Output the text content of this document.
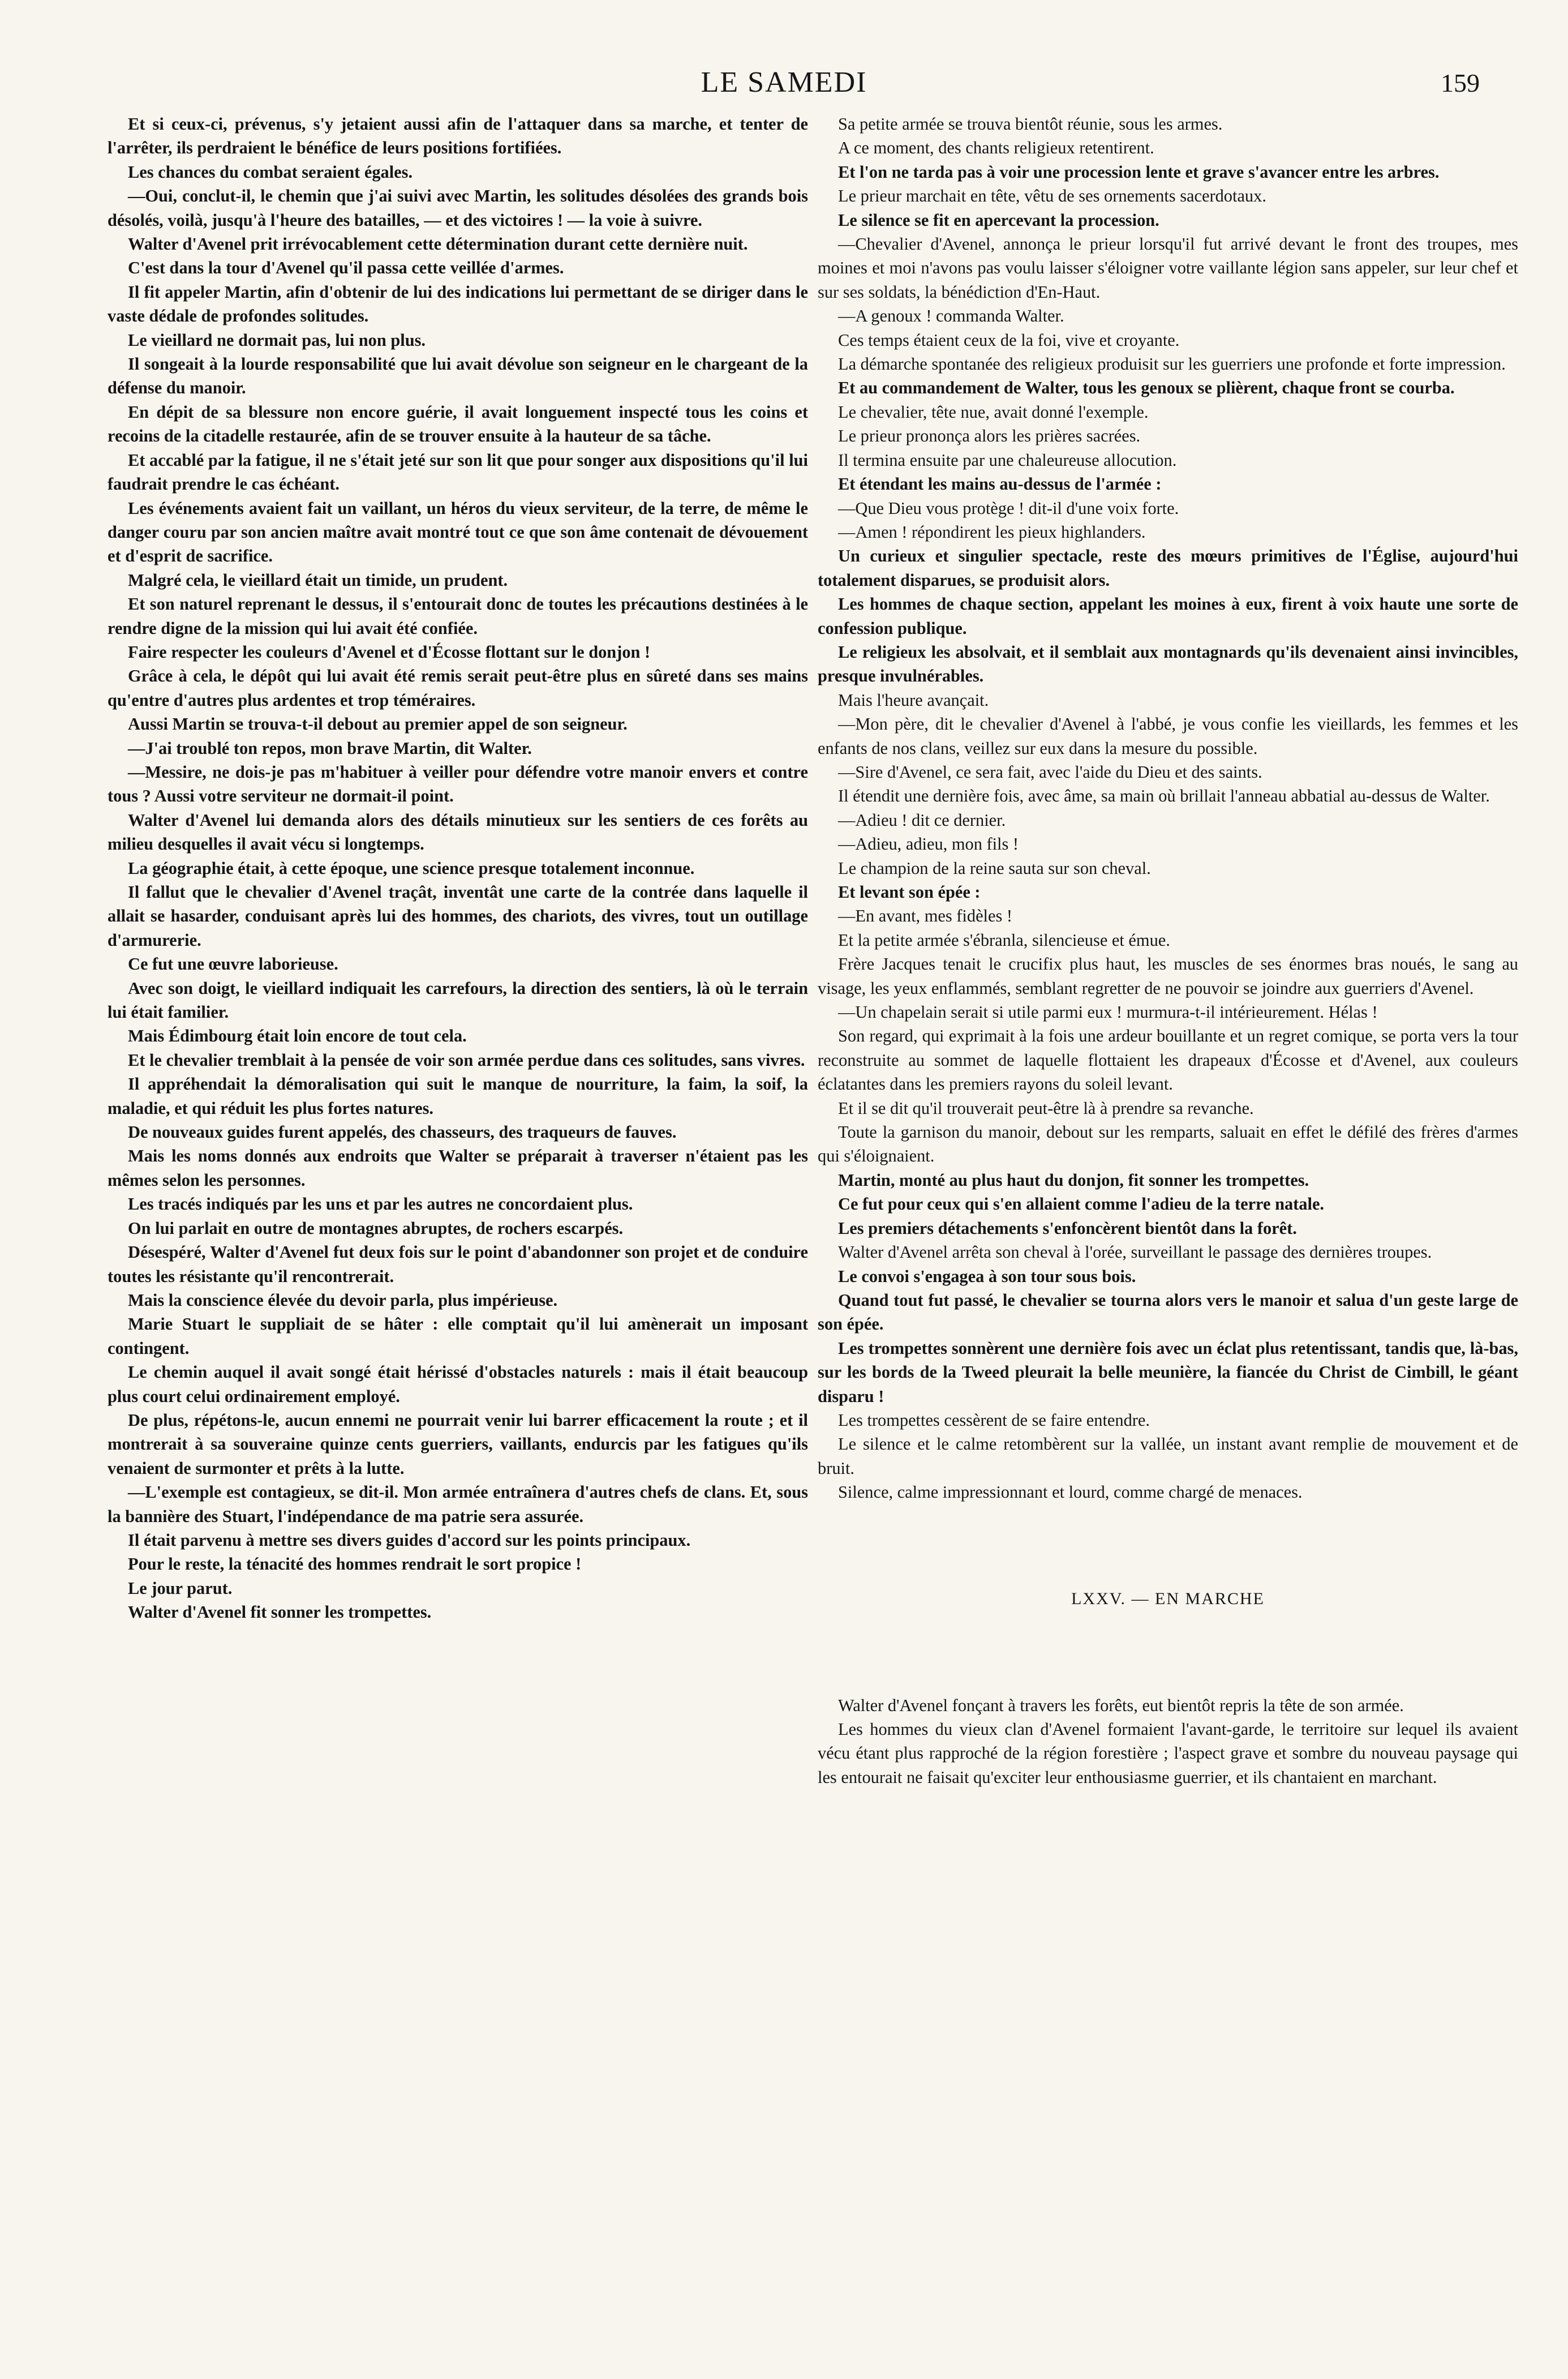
LE SAMEDI	159

Et si ceux-ci, prévenus, s'y jetaient aussi afin de l'attaquer dans sa marche, et tenter de l'arrêter, ils perdraient le bénéfice de leurs positions fortifiées.

Les chances du combat seraient égales.

—Oui, conclut-il, le chemin que j'ai suivi avec Martin, les solitudes désolées des grands bois désolés, voilà, jusqu'à l'heure des batailles, — et des victoires ! — la voie à suivre.

Walter d'Avenel prit irrévocablement cette détermination durant cette dernière nuit.

C'est dans la tour d'Avenel qu'il passa cette veillée d'armes.

Il fit appeler Martin, afin d'obtenir de lui des indications lui permettant de se diriger dans le vaste dédale de profondes solitudes.

Le vieillard ne dormait pas, lui non plus.

Il songeait à la lourde responsabilité que lui avait dévolue son seigneur en le chargeant de la défense du manoir.

En dépit de sa blessure non encore guérie, il avait longuement inspecté tous les coins et recoins de la citadelle restaurée, afin de se trouver ensuite à la hauteur de sa tâche.

Et accablé par la fatigue, il ne s'était jeté sur son lit que pour songer aux dispositions qu'il lui faudrait prendre le cas échéant.

Les événements avaient fait un vaillant, un héros du vieux serviteur, de la terre, de même le danger couru par son ancien maître avait montré tout ce que son âme contenait de dévouement et d'esprit de sacrifice.

Malgré cela, le vieillard était un timide, un prudent.

Et son naturel reprenant le dessus, il s'entourait donc de toutes les précautions destinées à le rendre digne de la mission qui lui avait été confiée.

Faire respecter les couleurs d'Avenel et d'Écosse flottant sur le donjon !

Grâce à cela, le dépôt qui lui avait été remis serait peut-être plus en sûreté dans ses mains qu'entre d'autres plus ardentes et trop téméraires.

Aussi Martin se trouva-t-il debout au premier appel de son seigneur.

—J'ai troublé ton repos, mon brave Martin, dit Walter.

—Messire, ne dois-je pas m'habituer à veiller pour défendre votre manoir envers et contre tous ? Aussi votre serviteur ne dormait-il point.

Walter d'Avenel lui demanda alors des détails minutieux sur les sentiers de ces forêts au milieu desquelles il avait vécu si longtemps.

La géographie était, à cette époque, une science presque totalement inconnue.

Il fallut que le chevalier d'Avenel traçât, inventât une carte de la contrée dans laquelle il allait se hasarder, conduisant après lui des hommes, des chariots, des vivres, tout un outillage d'armurerie.

Ce fut une œuvre laborieuse.

Avec son doigt, le vieillard indiquait les carrefours, la direction des sentiers, là où le terrain lui était familier.

Mais Édimbourg était loin encore de tout cela.

Et le chevalier tremblait à la pensée de voir son armée perdue dans ces solitudes, sans vivres.

Il appréhendait la démoralisation qui suit le manque de nourriture, la faim, la soif, la maladie, et qui réduit les plus fortes natures.

De nouveaux guides furent appelés, des chasseurs, des traqueurs de fauves.

Mais les noms donnés aux endroits que Walter se préparait à traverser n'étaient pas les mêmes selon les personnes.

Les tracés indiqués par les uns et par les autres ne concordaient plus.

On lui parlait en outre de montagnes abruptes, de rochers escarpés.

Désespéré, Walter d'Avenel fut deux fois sur le point d'abandonner son projet et de conduire toutes les résistante qu'il rencontrerait.

Mais la conscience élevée du devoir parla, plus impérieuse.

Marie Stuart le suppliait de se hâter : elle comptait qu'il lui amènerait un imposant contingent.

Le chemin auquel il avait songé était hérissé d'obstacles naturels : mais il était beaucoup plus court celui ordinairement employé.

De plus, répétons-le, aucun ennemi ne pourrait venir lui barrer efficacement la route ; et il montrerait à sa souveraine quinze cents guerriers, vaillants, endurcis par les fatigues qu'ils venaient de surmonter et prêts à la lutte.

—L'exemple est contagieux, se dit-il. Mon armée entraînera d'autres chefs de clans. Et, sous la bannière des Stuart, l'indépendance de ma patrie sera assurée.

Il était parvenu à mettre ses divers guides d'accord sur les points principaux.

Pour le reste, la ténacité des hommes rendrait le sort propice !

Le jour parut.

Walter d'Avenel fit sonner les trompettes.

Sa petite armée se trouva bientôt réunie, sous les armes.

A ce moment, des chants religieux retentirent.

Et l'on ne tarda pas à voir une procession lente et grave s'avancer entre les arbres.

Le prieur marchait en tête, vêtu de ses ornements sacerdotaux.

Le silence se fit en apercevant la procession.

—Chevalier d'Avenel, annonça le prieur lorsqu'il fut arrivé devant le front des troupes, mes moines et moi n'avons pas voulu laisser s'éloigner votre vaillante légion sans appeler, sur leur chef et sur ses soldats, la bénédiction d'En-Haut.

—A genoux ! commanda Walter.

Ces temps étaient ceux de la foi, vive et croyante.

La démarche spontanée des religieux produisit sur les guerriers une profonde et forte impression.

Et au commandement de Walter, tous les genoux se plièrent, chaque front se courba.

Le chevalier, tête nue, avait donné l'exemple.

Le prieur prononça alors les prières sacrées.

Il termina ensuite par une chaleureuse allocution.

Et étendant les mains au-dessus de l'armée :

—Que Dieu vous protège ! dit-il d'une voix forte.

—Amen ! répondirent les pieux highlanders.

Un curieux et singulier spectacle, reste des mœurs primitives de l'Église, aujourd'hui totalement disparues, se produisit alors.

Les hommes de chaque section, appelant les moines à eux, firent à voix haute une sorte de confession publique.

Le religieux les absolvait, et il semblait aux montagnards qu'ils devenaient ainsi invincibles, presque invulnérables.

Mais l'heure avançait.

—Mon père, dit le chevalier d'Avenel à l'abbé, je vous confie les vieillards, les femmes et les enfants de nos clans, veillez sur eux dans la mesure du possible.

—Sire d'Avenel, ce sera fait, avec l'aide du Dieu et des saints.

Il étendit une dernière fois, avec âme, sa main où brillait l'anneau abbatial au-dessus de Walter.

—Adieu ! dit ce dernier.

—Adieu, adieu, mon fils !

Le champion de la reine sauta sur son cheval.

Et levant son épée :

—En avant, mes fidèles !

Et la petite armée s'ébranla, silencieuse et émue.

Frère Jacques tenait le crucifix plus haut, les muscles de ses énormes bras noués, le sang au visage, les yeux enflammés, semblant regretter de ne pouvoir se joindre aux guerriers d'Avenel.

—Un chapelain serait si utile parmi eux ! murmura-t-il intérieurement. Hélas !

Son regard, qui exprimait à la fois une ardeur bouillante et un regret comique, se porta vers la tour reconstruite au sommet de laquelle flottaient les drapeaux d'Écosse et d'Avenel, aux couleurs éclatantes dans les premiers rayons du soleil levant.

Et il se dit qu'il trouverait peut-être là à prendre sa revanche.

Toute la garnison du manoir, debout sur les remparts, saluait en effet le défilé des frères d'armes qui s'éloignaient.

Martin, monté au plus haut du donjon, fit sonner les trompettes.

Ce fut pour ceux qui s'en allaient comme l'adieu de la terre natale.

Les premiers détachements s'enfoncèrent bientôt dans la forêt.

Walter d'Avenel arrêta son cheval à l'orée, surveillant le passage des dernières troupes.

Le convoi s'engagea à son tour sous bois.

Quand tout fut passé, le chevalier se tourna alors vers le manoir et salua d'un geste large de son épée.

Les trompettes sonnèrent une dernière fois avec un éclat plus retentissant, tandis que, là-bas, sur les bords de la Tweed pleurait la belle meunière, la fiancée du Christ de Cimbill, le géant disparu !

Les trompettes cessèrent de se faire entendre.

Le silence et le calme retombèrent sur la vallée, un instant avant remplie de mouvement et de bruit.

Silence, calme impressionnant et lourd, comme chargé de menaces.

LXXV. — EN MARCHE

Walter d'Avenel fonçant à travers les forêts, eut bientôt repris la tête de son armée.

Les hommes du vieux clan d'Avenel formaient l'avant-garde, le territoire sur lequel ils avaient vécu étant plus rapproché de la région forestière ; l'aspect grave et sombre du nouveau paysage qui les entourait ne faisait qu'exciter leur enthousiasme guerrier, et ils chantaient en marchant.
